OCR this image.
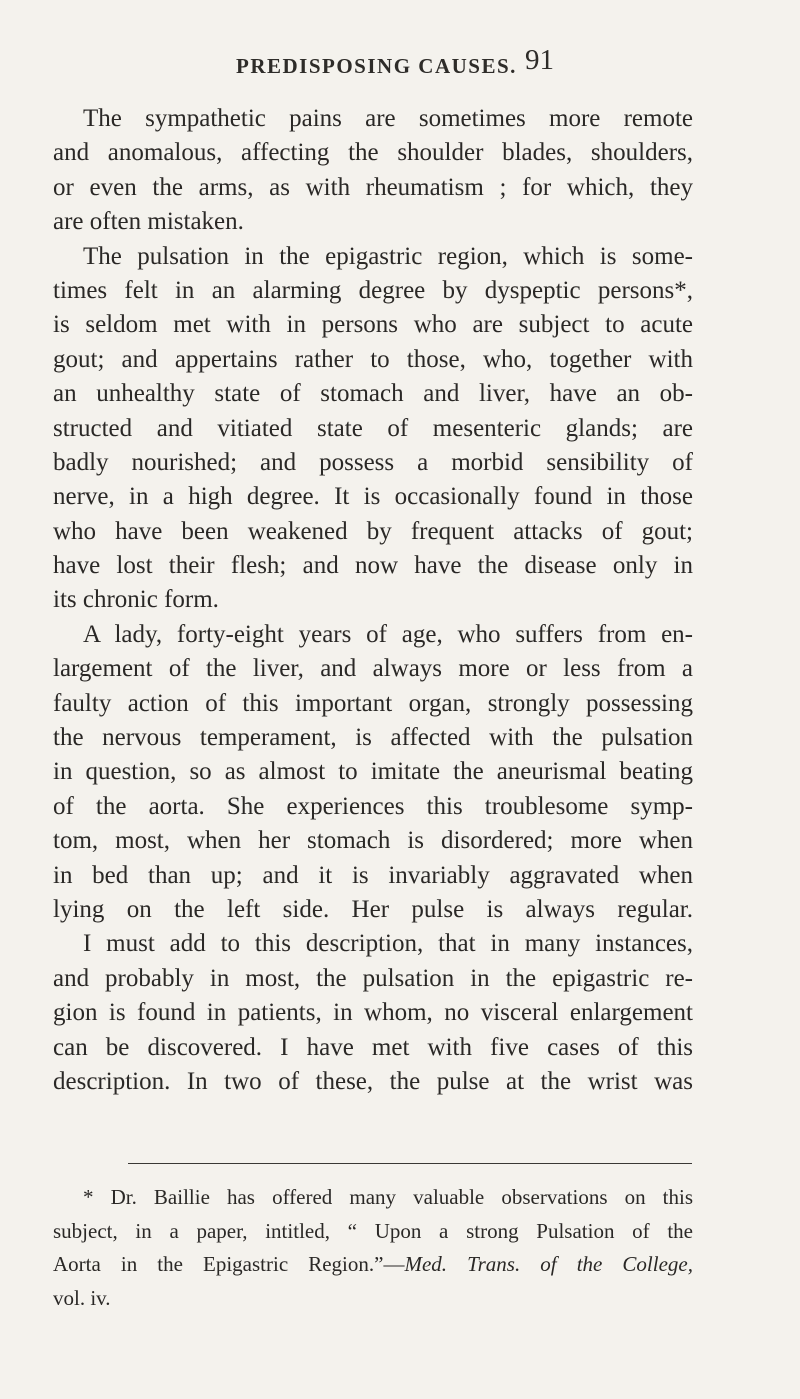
PREDISPOSING CAUSES. 91
The sympathetic pains are sometimes more remote
and anomalous, affecting the shoulder blades, shoulders,
or even the arms, as with rheumatism ; for which, they
are often mistaken.
The pulsation in the epigastric region, which is some-
times felt in an alarming degree by dyspeptic persons*,
is seldom met with in persons who are subject to acute
gout; and appertains rather to those, who, together with
an unhealthy state of stomach and liver, have an ob-
structed and vitiated state of mesenteric glands; are
badly nourished; and possess a morbid sensibility of
nerve, in a high degree. It is occasionally found in those
who have been weakened by frequent attacks of gout;
have lost their flesh; and now have the disease only in
its chronic form.
A lady, forty-eight years of age, who suffers from en-
largement of the liver, and always more or less from a
faulty action of this important organ, strongly possessing
the nervous temperament, is affected with the pulsation
in question, so as almost to imitate the aneurismal beating
of the aorta. She experiences this troublesome symp-
tom, most, when her stomach is disordered; more when
in bed than up; and it is invariably aggravated when
lying on the left side. Her pulse is always regular.
I must add to this description, that in many instances,
and probably in most, the pulsation in the epigastric re-
gion is found in patients, in whom, no visceral enlargement
can be discovered. I have met with five cases of this
description. In two of these, the pulse at the wrist was
* Dr. Baillie has offered many valuable observations on this
subject, in a paper, intitled, “ Upon a strong Pulsation of the
Aorta in the Epigastric Region.”—Med. Trans. of the College,
vol. iv.
